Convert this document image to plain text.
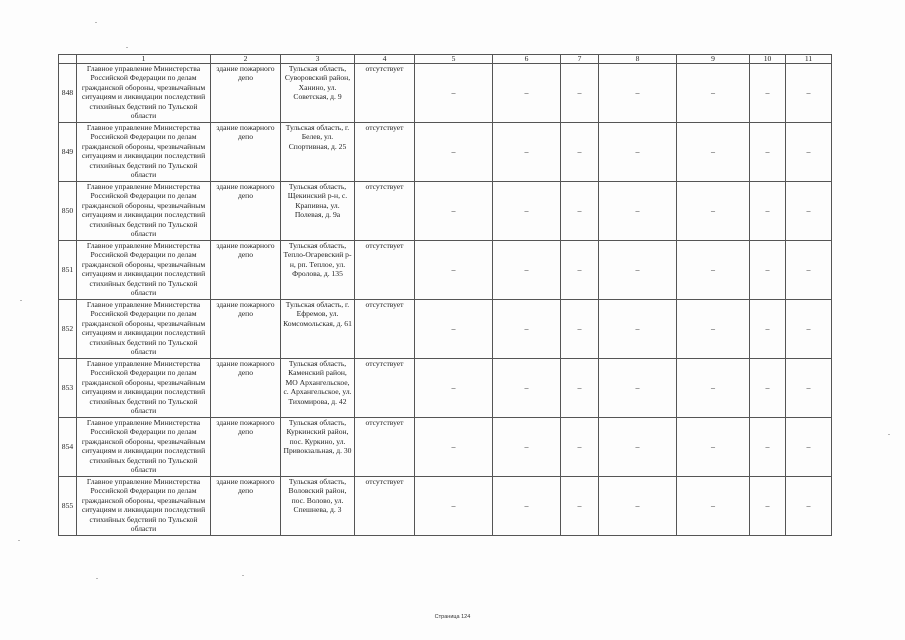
	1	2	3	4	5	6	7	8	9	10	11
848	Главное управление Министерства Российской Федерации по делам гражданской обороны, чрезвычайным ситуациям и ликвидации последствий стихийных бедствий по Тульской области	здание пожарного депо	Тульская область, Суворовский район, Ханино, ул. Советская, д. 9	отсутствует	–	–	–	–	–	–	–
849	Главное управление Министерства Российской Федерации по делам гражданской обороны, чрезвычайным ситуациям и ликвидации последствий стихийных бедствий по Тульской области	здание пожарного депо	Тульская область, г. Белев, ул. Спортивная, д. 25	отсутствует	–	–	–	–	–	–	–
850	Главное управление Министерства Российской Федерации по делам гражданской обороны, чрезвычайным ситуациям и ликвидации последствий стихийных бедствий по Тульской области	здание пожарного депо	Тульская область, Щекинский р-н, с. Крапивна, ул. Полевая, д. 9а	отсутствует	–	–	–	–	–	–	–
851	Главное управление Министерства Российской Федерации по делам гражданской обороны, чрезвычайным ситуациям и ликвидации последствий стихийных бедствий по Тульской области	здание пожарного депо	Тульская область, Тепло-Огаревский р-н, рп. Теплое, ул. Фролова, д. 135	отсутствует	–	–	–	–	–	–	–
852	Главное управление Министерства Российской Федерации по делам гражданской обороны, чрезвычайным ситуациям и ликвидации последствий стихийных бедствий по Тульской области	здание пожарного депо	Тульская область, г. Ефремов, ул. Комсомольская, д. 61	отсутствует	–	–	–	–	–	–	–
853	Главное управление Министерства Российской Федерации по делам гражданской обороны, чрезвычайным ситуациям и ликвидации последствий стихийных бедствий по Тульской области	здание пожарного депо	Тульская область, Каменский район, МО Архангельское, с. Архангельское, ул. Тихомирова, д. 42	отсутствует	–	–	–	–	–	–	–
854	Главное управление Министерства Российской Федерации по делам гражданской обороны, чрезвычайным ситуациям и ликвидации последствий стихийных бедствий по Тульской области	здание пожарного депо	Тульская область, Куркинский район, пос. Куркино, ул. Привокзальная, д. 30	отсутствует	–	–	–	–	–	–	–
855	Главное управление Министерства Российской Федерации по делам гражданской обороны, чрезвычайным ситуациям и ликвидации последствий стихийных бедствий по Тульской области	здание пожарного депо	Тульская область, Воловский район, пос. Волово, ул. Спешнева, д. 3	отсутствует	–	–	–	–	–	–	–
Страница 124
